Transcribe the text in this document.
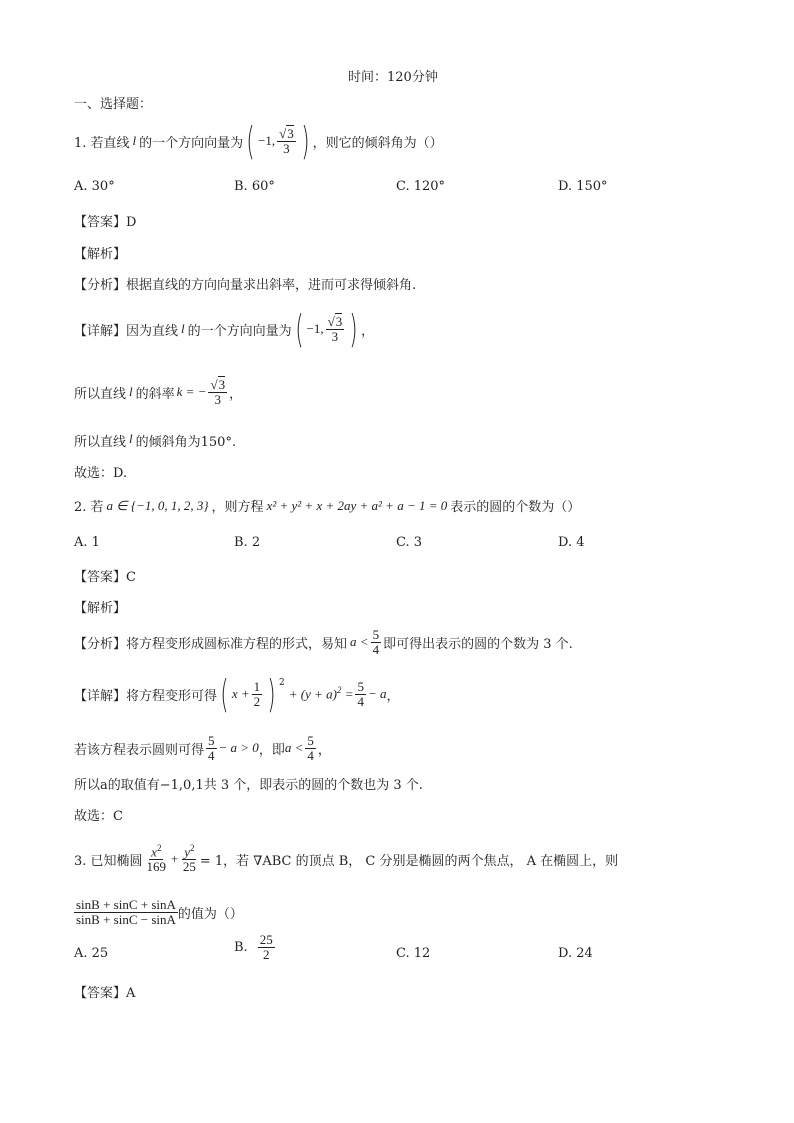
时间：120分钟
一、选择题：
1. 若直线 l 的一个方向向量为 ( −1, $\frac{√3}{3}$ ) ，则它的倾斜角为（）
A. 30°	B. 60°	C. 120°	D. 150°
【答案】D
【解析】
【分析】根据直线的方向向量求出斜率，进而可求得倾斜角.
【详解】 因为直线 l 的一个方向向量为 ( −1, $\frac{√3}{3}$ ) ，
所以直线 l 的斜率 k = − $\frac{√3}{3}$ ，
所以直线 l 的倾斜角为150°.
故选：D.
2. 若 a ∈ {−1, 0, 1, 2, 3} ，则方程 x² + y² + x + 2ay + a² + a − 1 = 0 表示的圆的个数为（）
A. 1	B. 2	C. 3	D. 4
【答案】C
【解析】
【分析】 将方程变形成圆标准方程的形式，易知 $a < \frac{5}{4}$ 即可得出表示的圆的个数为 3 个.
【详解】 将方程变形可得 ( $x + \frac{1}{2}$ ) $^2$
+ $(y + a)^2 = \frac{5}{4} - a$ ，
若该方程表示圆则可得 $\frac{5}{4} - a > 0$ ，即 $a < \frac{5}{4}$ ，
所以a的取值有−1,0,1共 3 个，即表示的圆的个数也为 3 个.
故选：C
3. 已知椭圆 $\frac{x^2}{169} + \frac{y^2}{25} = 1$，若 ∇ABC 的顶点 B， C 分别是椭圆的两个焦点， A 在椭圆上，则
$\frac{\sin B + \sin C + \sin A}{\sin B + \sin C - \sin A}$ 的值为（）
A. 25	B. $\frac{25}{2}$	C. 12	D. 24
【答案】A
